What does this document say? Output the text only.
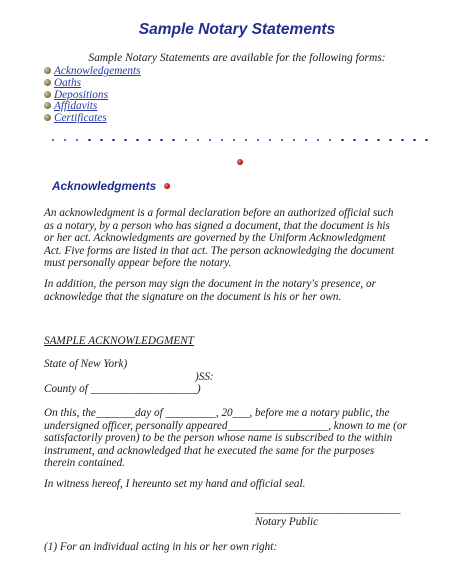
Sample Notary Statements
Sample Notary Statements are available for the following forms:
Acknowledgements
Oaths
Depositions
Affidavits
Certificates
Acknowledgments
An acknowledgment is a formal declaration before an authorized official such
as a notary, by a person who has signed a document, that the document is his
or her act. Acknowledgments are governed by the Uniform Acknowledgment
Act. Five forms are listed in that act. The person acknowledging the document
must personally appear before the notary.
In addition, the person may sign the document in the notary's presence, or
acknowledge that the signature on the document is his or her own.
SAMPLE ACKNOWLEDGMENT
State of New York)
)SS:
County of ___________________)
On this, the_______day of _________, 20___, before me a notary public, the
undersigned officer, personally appeared__________________, known to me (or
satisfactorily proven) to be the person whose name is subscribed to the within
instrument, and acknowledged that he executed the same for the purposes
therein contained.
In witness hereof, I hereunto set my hand and official seal.
__________________________
Notary Public
(1) For an individual acting in his or her own right:
